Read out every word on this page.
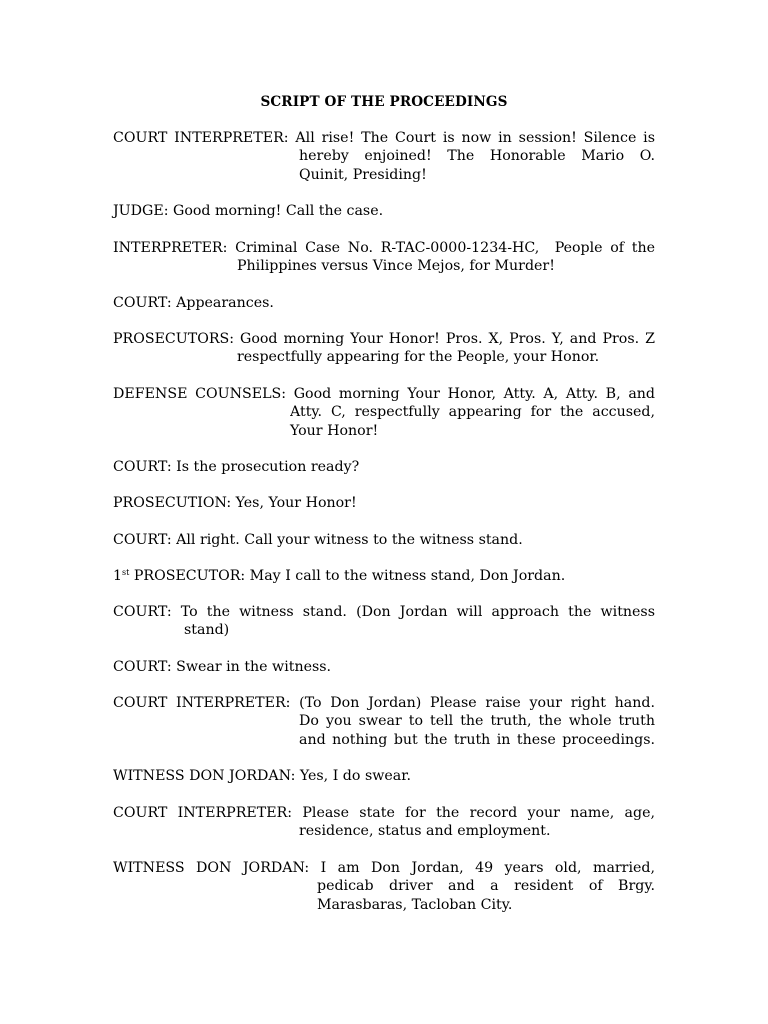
SCRIPT OF THE PROCEEDINGS
COURT INTERPRETER: All rise! The Court is now in session! Silence is
hereby enjoined! The Honorable Mario O.
Quinit, Presiding!
JUDGE: Good morning! Call the case.
INTERPRETER: Criminal Case No. R-TAC-0000-1234-HC,  People of the
Philippines versus Vince Mejos, for Murder!
COURT: Appearances.
PROSECUTORS: Good morning Your Honor! Pros. X, Pros. Y, and Pros. Z
respectfully appearing for the People, your Honor.
DEFENSE COUNSELS: Good morning Your Honor, Atty. A, Atty. B, and
Atty. C, respectfully appearing for the accused,
Your Honor!
COURT: Is the prosecution ready?
PROSECUTION: Yes, Your Honor!
COURT: All right. Call your witness to the witness stand.
1st PROSECUTOR: May I call to the witness stand, Don Jordan.
COURT: To the witness stand. (Don Jordan will approach the witness
stand)
COURT: Swear in the witness.
COURT INTERPRETER: (To Don Jordan) Please raise your right hand.
Do you swear to tell the truth, the whole truth
and nothing but the truth in these proceedings.
WITNESS DON JORDAN: Yes, I do swear.
COURT INTERPRETER: Please state for the record your name, age,
residence, status and employment.
WITNESS DON JORDAN: I am Don Jordan, 49 years old, married,
pedicab driver and a resident of Brgy.
Marasbaras, Tacloban City.
